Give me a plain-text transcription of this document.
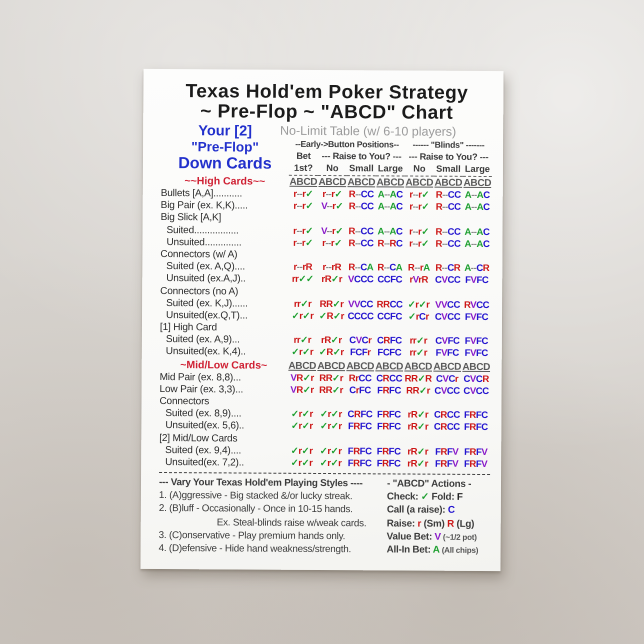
Texas Hold'em Poker Strategy
~ Pre-Flop ~ "ABCD" Chart
Your [2]
"Pre-Flop"
Down Cards
No-Limit Table (w/ 6-10 players)
--Early->Button Positions--	------ "Blinds" -------
Bet	--- Raise to You? --- --- Raise to You? ---
1st?	No	Small Large	No	Small Large
~~High Cards~~	ABCD ABCD ABCD ABCD ABCD ABCD ABCD
Bullets [A,A]...........	r--r✓ r--r✓ R--CC A--AC r--r✓ R--CC A--AC
Big Pair (ex. K,K).....	r--r✓ V--r✓ R--CC A--AC r--r✓ R--CC A--AC
Big Slick [A,K]
Suited.................	r--r✓ V--r✓ R--CC A--AC r--r✓ R--CC A--AC
Unsuited..............	r--r✓ r--r✓ R--CC R--RC r--r✓ R--CC A--AC
Connectors (w/ A)
Suited (ex. A,Q)....	r--rR	r--rR R--CA R--CA R--rA R--CR A--CR
Unsuited (ex.A,J)..	rr✓✓ rR✓r VCCC CCFC rVrR CVCC FVFC
Connectors (no A)
Suited (ex. K,J)......	rr✓r RR✓r VVCC RRCC ✓r✓r VVCC RVCC
Unsuited(ex.Q,T)...	✓r✓r ✓R✓r CCCC CCFC ✓rCr CVCC FVFC
[1] High Card
Suited (ex. A,9)...	rr✓r	rR✓r CVCr CRFC rr✓r CVFC FVFC
Unsuited(ex. K,4)..	✓r✓r ✓R✓r FCFr FCFC rr✓r FVFC FVFC
~Mid/Low Cards~	ABCD ABCD ABCD ABCD ABCD ABCD ABCD
Mid Pair (ex. 8,8)...	VR✓r RR✓r RrCC CRCC RR✓R CVCr CVCR
Low Pair (ex. 3,3)...	VR✓r RR✓r CrFC FRFC RR✓r CVCC CVCC
Connectors
Suited (ex. 8,9)....	✓r✓r ✓r✓r CRFC FRFC rR✓r CRCC FRFC
Unsuited(ex. 5,6)..	✓r✓r ✓r✓r FRFC FRFC rR✓r CRCC FRFC
[2] Mid/Low Cards
Suited (ex. 9,4)....	✓r✓r ✓r✓r FRFC FRFC rR✓r FRFV FRFV
Unsuited(ex. 7,2)..	✓r✓r ✓r✓r FRFC FRFC rR✓r FRFV FRFV
--- Vary Your Texas Hold'em Playing Styles ----
1. (A)ggressive - Big stacked &/or lucky streak.
2. (B)luff - Occasionally - Once in 10-15 hands.
Ex. Steal-blinds raise w/weak cards.
3. (C)onservative - Play premium hands only.
4. (D)efensive - Hide hand weakness/strength.
- "ABCD" Actions -
Check: ✓ Fold: F
Call (a raise): C
Raise: r (Sm) R (Lg)
Value Bet: V (~1/2 pot)
All-In Bet: A (All chips)
